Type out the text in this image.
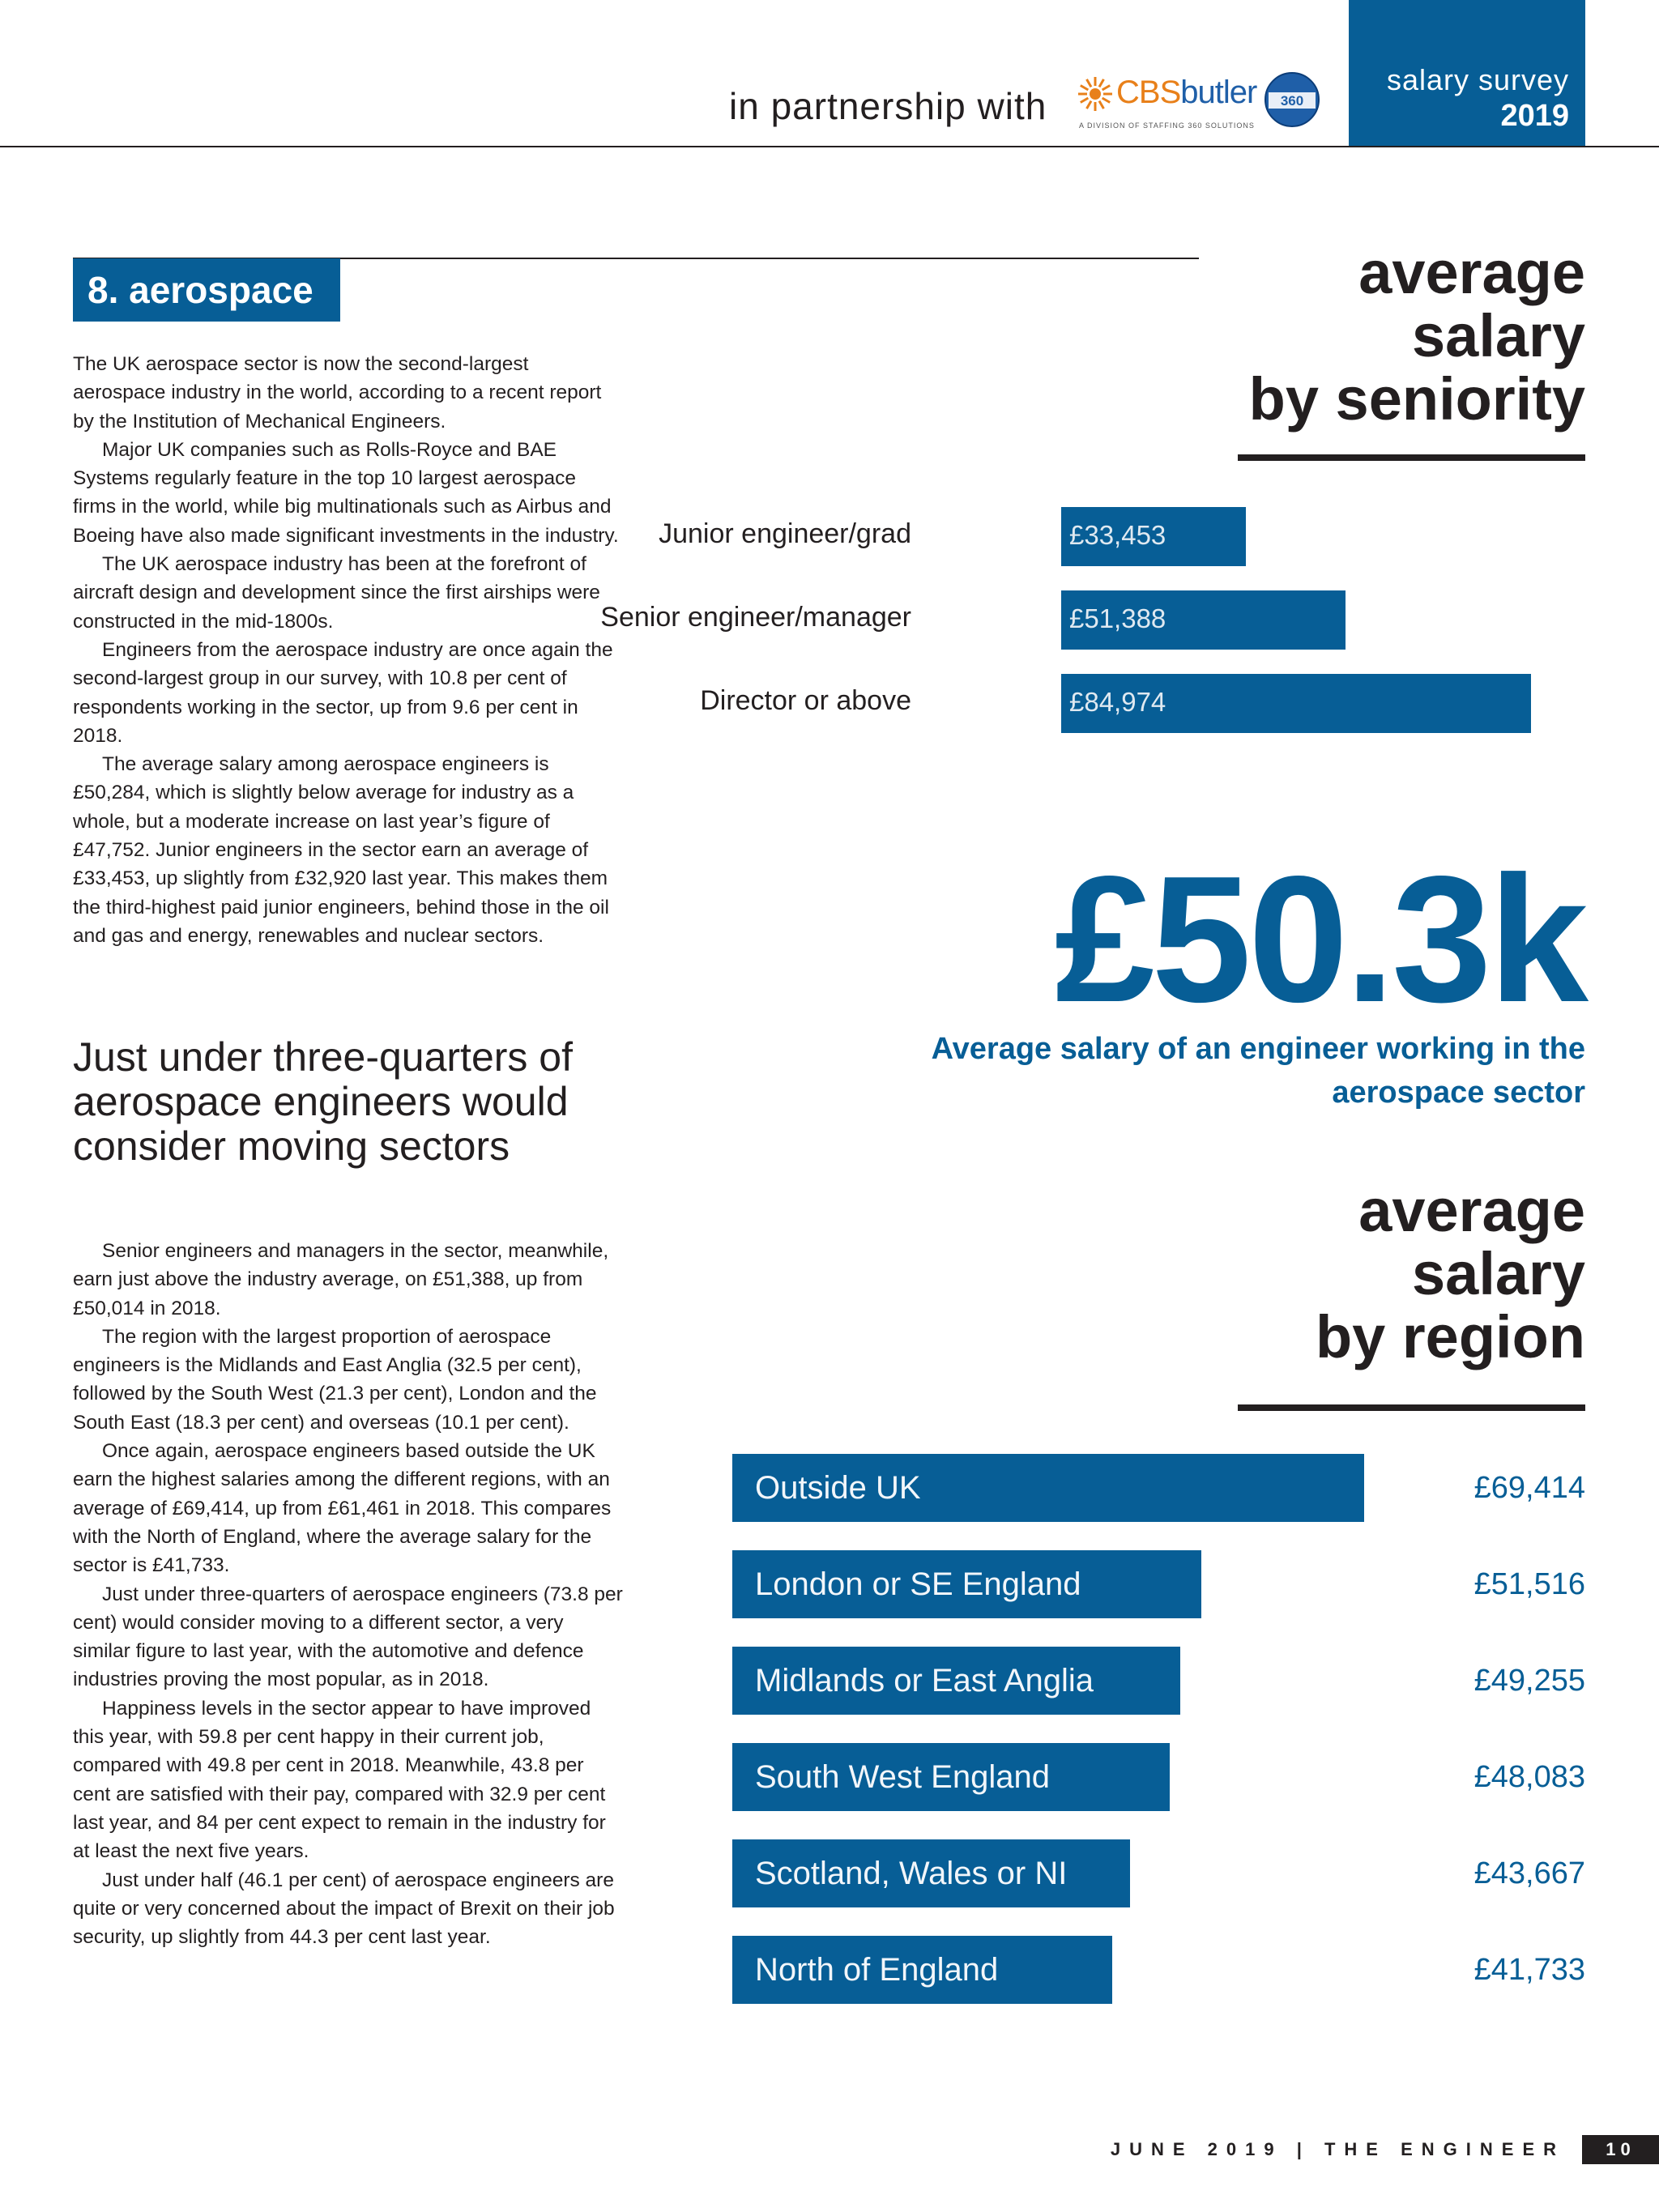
in partnership with CBSbutler
A DIVISION OF STAFFING 360 SOLUTIONS
360
salary survey
2019
8. aerospace

The UK aerospace sector is now the second-largest aerospace industry in the world, according to a recent report by the Institution of Mechanical Engineers.

Major UK companies such as Rolls-Royce and BAE Systems regularly feature in the top 10 largest aerospace firms in the world, while big multinationals such as Airbus and Boeing have also made significant investments in the industry.

The UK aerospace industry has been at the forefront of aircraft design and development since the first airships were constructed in the mid-1800s.

Engineers from the aerospace industry are once again the second-largest group in our survey, with 10.8 per cent of respondents working in the sector, up from 9.6 per cent in 2018.

The average salary among aerospace engineers is £50,284, which is slightly below average for industry as a whole, but a moderate increase on last year’s figure of £47,752. Junior engineers in the sector earn an average of £33,453, up slightly from £32,920 last year. This makes them the third-highest paid junior engineers, behind those in the oil and gas and energy, renewables and nuclear sectors.

Just under three-quarters of aerospace engineers would consider moving sectors

Senior engineers and managers in the sector, meanwhile, earn just above the industry average, on £51,388, up from £50,014 in 2018.

The region with the largest proportion of aerospace engineers is the Midlands and East Anglia (32.5 per cent), followed by the South West (21.3 per cent), London and the South East (18.3 per cent) and overseas (10.1 per cent).

Once again, aerospace engineers based outside the UK earn the highest salaries among the different regions, with an average of £69,414, up from £61,461 in 2018. This compares with the North of England, where the average salary for the sector is £41,733.

Just under three-quarters of aerospace engineers (73.8 per cent) would consider moving to a different sector, a very similar figure to last year, with the automotive and defence industries proving the most popular, as in 2018.

Happiness levels in the sector appear to have improved this year, with 59.8 per cent happy in their current job, compared with 49.8 per cent in 2018. Meanwhile, 43.8 per cent are satisfied with their pay, compared with 32.9 per cent last year, and 84 per cent expect to remain in the industry for at least the next five years.

Just under half (46.1 per cent) of aerospace engineers are quite or very concerned about the impact of Brexit on their job security, up slightly from 44.3 per cent last year.

average
salary
by seniority
Junior engineer/grad	£33,453
Senior engineer/manager	£51,388
Director or above	£84,974
£50.3k
Average salary of an engineer working in the
aerospace sector
average
salary
by region
Outside UK	£69,414
London or SE England	£51,516
Midlands or East Anglia	£49,255
South West England	£48,083
Scotland, Wales or NI	£43,667
North of England	£41,733
JUNE 2019 | THE ENGINEER	10
